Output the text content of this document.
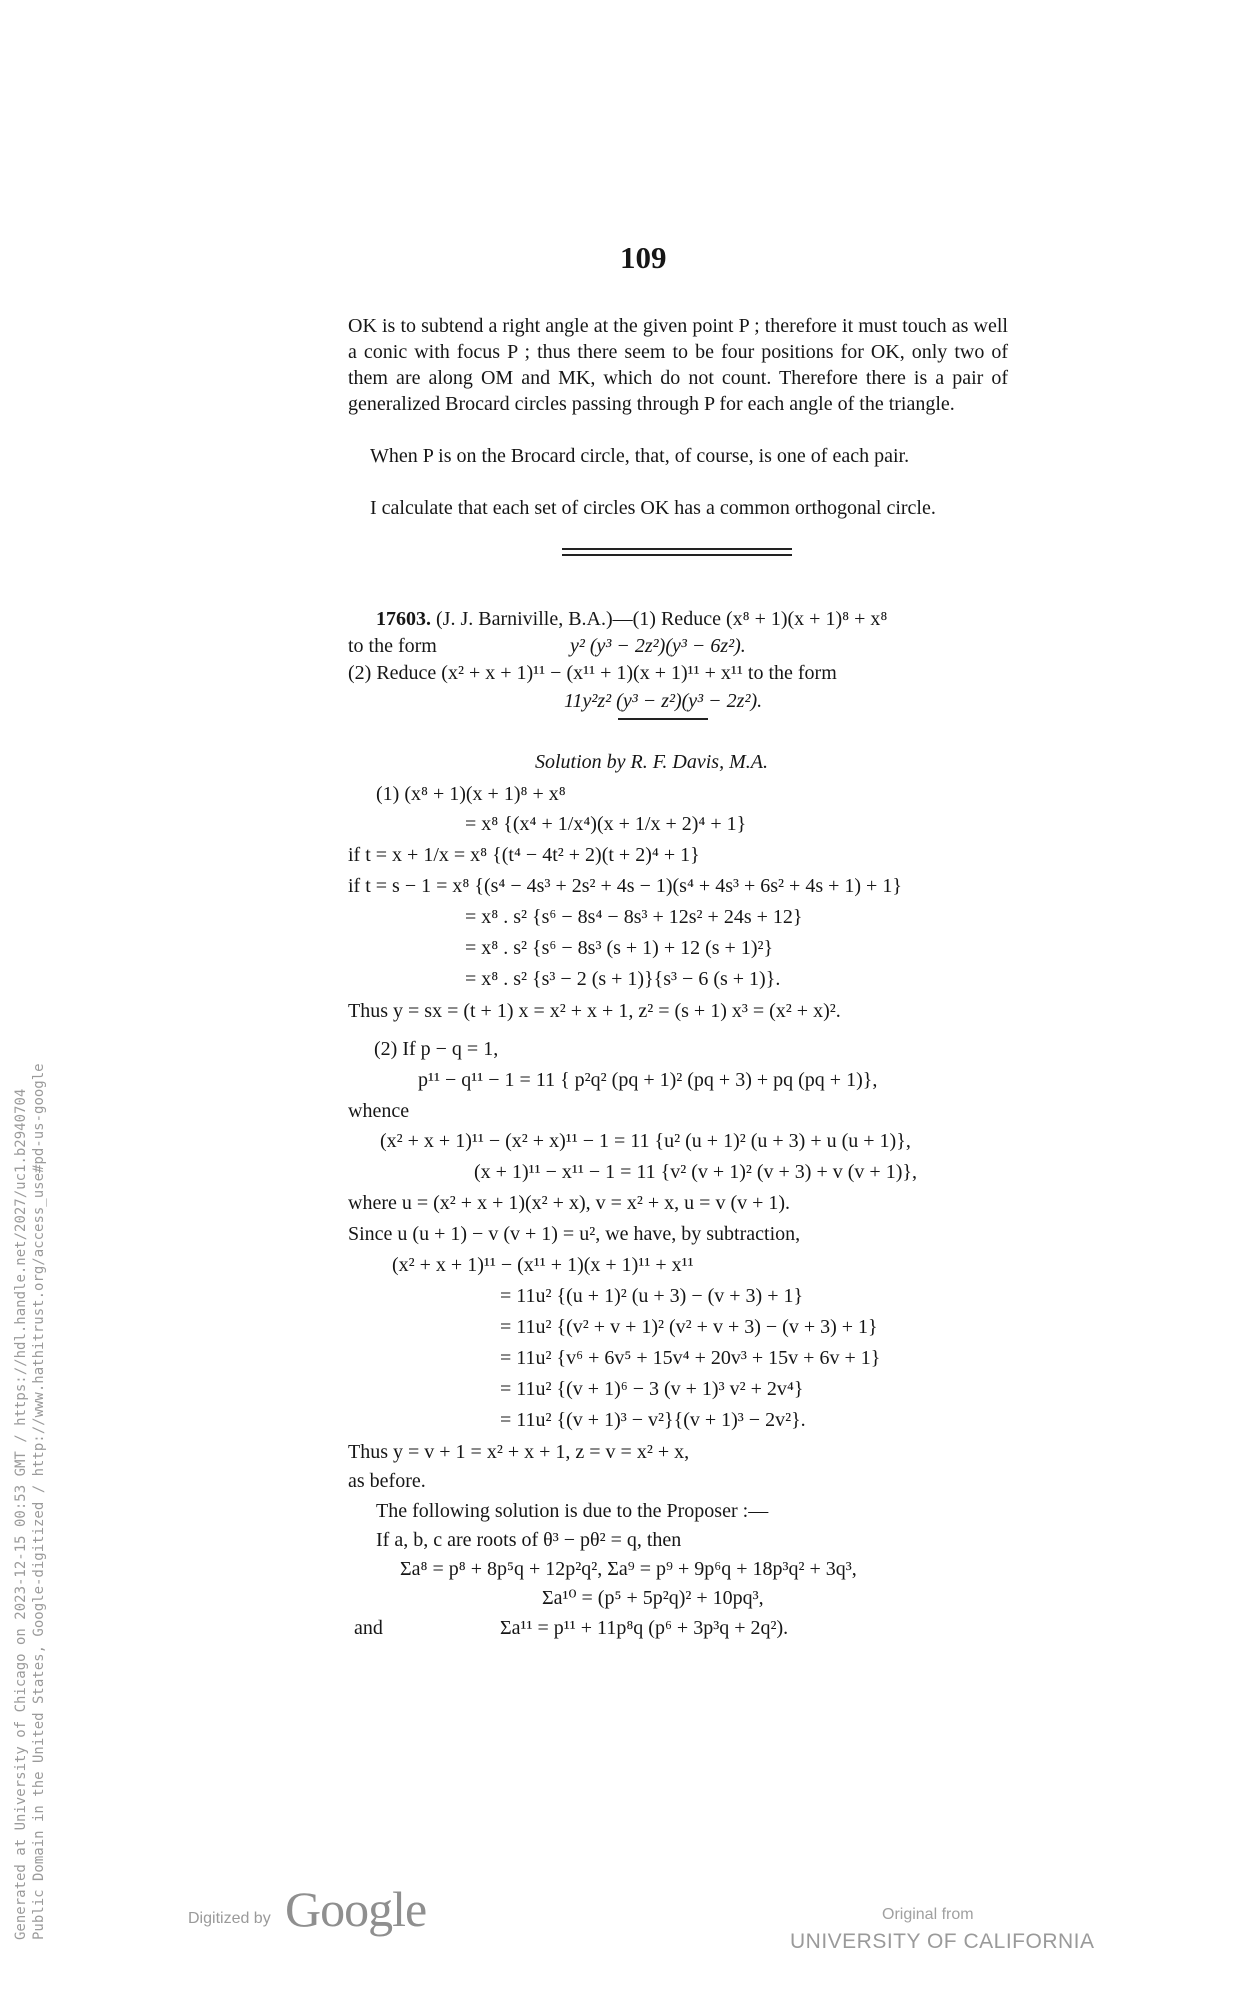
109

OK is to subtend a right angle at the given point P ; therefore it must touch as well a conic with focus P ; thus there seem to be four positions for OK, only two of them are along OM and MK, which do not count. Therefore there is a pair of generalized Brocard circles passing through P for each angle of the triangle.

When P is on the Brocard circle, that, of course, is one of each pair.

I calculate that each set of circles OK has a common orthogonal circle.

17603. (J. J. Barniville, B.A.)—(1) Reduce (x⁸ + 1)(x + 1)⁸ + x⁸
to the form	y² (y³ − 2z²)(y³ − 6z²).
(2) Reduce (x² + x + 1)¹¹ − (x¹¹ + 1)(x + 1)¹¹ + x¹¹ to the form
11y²z² (y³ − z²)(y³ − 2z²).
Solution by R. F. Davis, M.A.
(1) (x⁸ + 1)(x + 1)⁸ + x⁸
= x⁸ {(x⁴ + 1/x⁴)(x + 1/x + 2)⁴ + 1}
if t = x + 1/x = x⁸ {(t⁴ − 4t² + 2)(t + 2)⁴ + 1}
if t = s − 1 = x⁸ {(s⁴ − 4s³ + 2s² + 4s − 1)(s⁴ + 4s³ + 6s² + 4s + 1) + 1}
= x⁸ . s² {s⁶ − 8s⁴ − 8s³ + 12s² + 24s + 12}
= x⁸ . s² {s⁶ − 8s³ (s + 1) + 12 (s + 1)²}
= x⁸ . s² {s³ − 2 (s + 1)}{s³ − 6 (s + 1)}.
Thus y = sx = (t + 1) x = x² + x + 1, z² = (s + 1) x³ = (x² + x)².
(2) If p − q = 1,
p¹¹ − q¹¹ − 1 = 11 { p²q² (pq + 1)² (pq + 3) + pq (pq + 1)},
whence
(x² + x + 1)¹¹ − (x² + x)¹¹ − 1 = 11 {u² (u + 1)² (u + 3) + u (u + 1)},
(x + 1)¹¹ − x¹¹ − 1 = 11 {v² (v + 1)² (v + 3) + v (v + 1)},
where u = (x² + x + 1)(x² + x), v = x² + x, u = v (v + 1).
Since u (u + 1) − v (v + 1) = u², we have, by subtraction,
(x² + x + 1)¹¹ − (x¹¹ + 1)(x + 1)¹¹ + x¹¹
= 11u² {(u + 1)² (u + 3) − (v + 3) + 1}
= 11u² {(v² + v + 1)² (v² + v + 3) − (v + 3) + 1}
= 11u² {v⁶ + 6v⁵ + 15v⁴ + 20v³ + 15v + 6v + 1}
= 11u² {(v + 1)⁶ − 3 (v + 1)³ v² + 2v⁴}
= 11u² {(v + 1)³ − v²}{(v + 1)³ − 2v²}.
Thus y = v + 1 = x² + x + 1, z = v = x² + x,
as before.
The following solution is due to the Proposer :—
If a, b, c are roots of θ³ − pθ² = q, then
Σa⁸ = p⁸ + 8p⁵q + 12p²q², Σa⁹ = p⁹ + 9p⁶q + 18p³q² + 3q³,
Σa¹⁰ = (p⁵ + 5p²q)² + 10pq³,
and	Σa¹¹ = p¹¹ + 11p⁸q (p⁶ + 3p³q + 2q²).
Generated at University of Chicago on 2023-12-15 00:53 GMT / https://hdl.handle.net/2027/uc1.b2940704 Public Domain in the United States, Google-digitized / http://www.hathitrust.org/access_use#pd-us-google	Digitized by Google	Original from
UNIVERSITY OF CALIFORNIA
